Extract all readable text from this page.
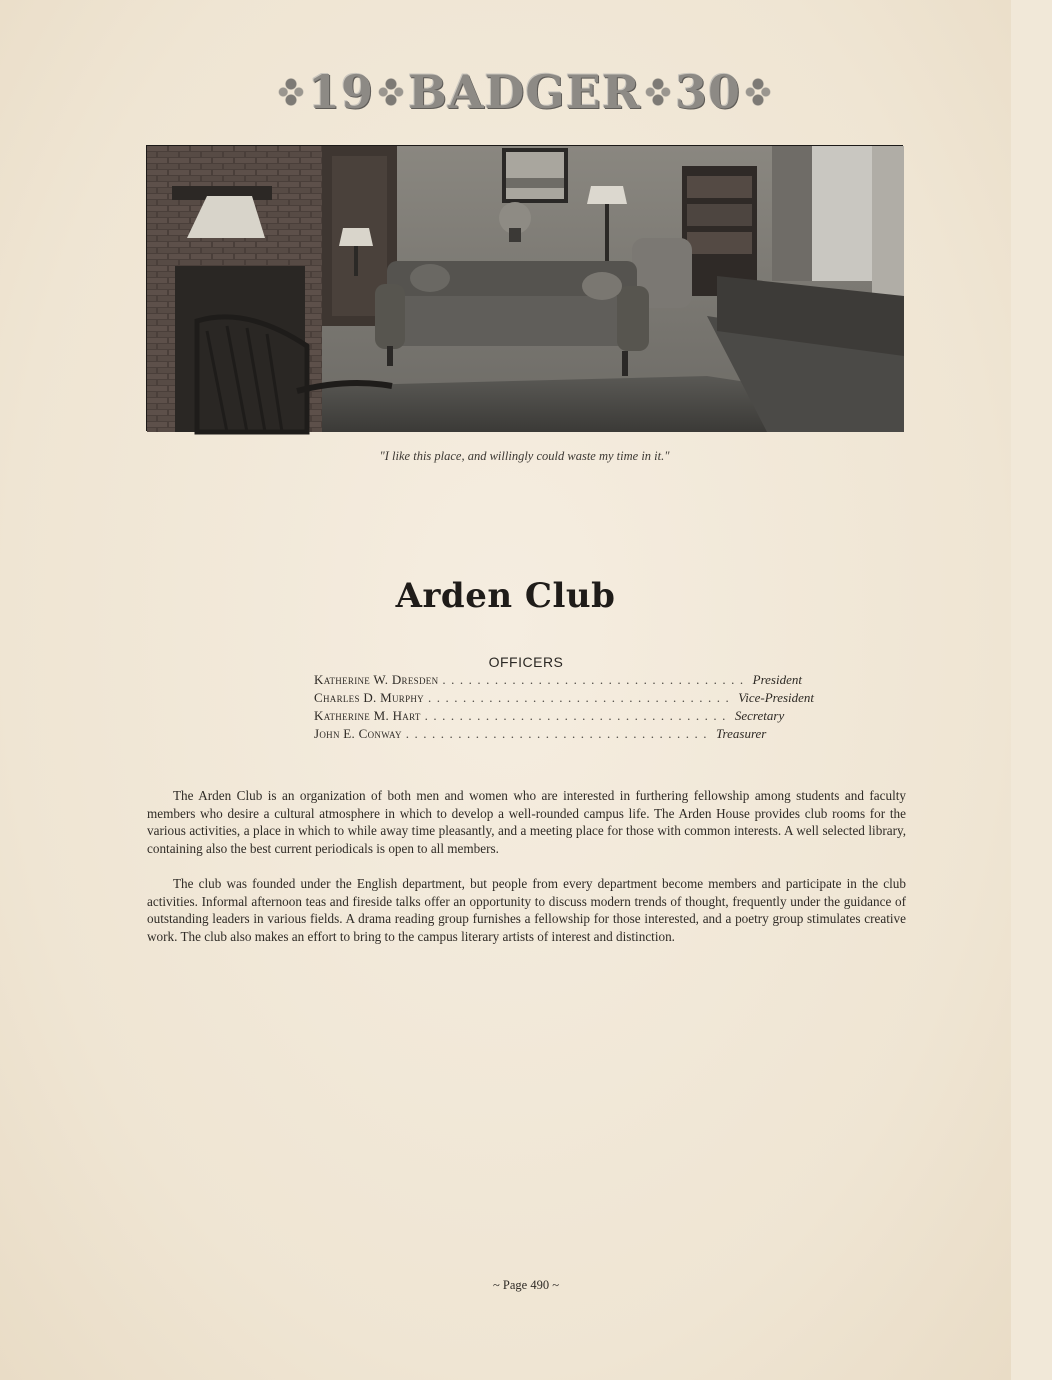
19 BADGER 30
"I like this place, and willingly could waste my time in it."
Arden Club
OFFICERS
Katherine W. Dresden ................................... President
Charles D. Murphy ................................... Vice-President
Katherine M. Hart ................................... Secretary
John E. Conway ................................... Treasurer

The Arden Club is an organization of both men and women who are interested in furthering fellowship among students and faculty members who desire a cultural atmosphere in which to develop a well-rounded campus life. The Arden House provides club rooms for the various activities, a place in which to while away time pleasantly, and a meeting place for those with common interests. A well selected library, containing also the best current periodicals is open to all members.

The club was founded under the English department, but people from every department become members and participate in the club activities. Informal afternoon teas and fireside talks offer an opportunity to discuss modern trends of thought, frequently under the guidance of outstanding leaders in various fields. A drama reading group furnishes a fellowship for those interested, and a poetry group stimulates creative work. The club also makes an effort to bring to the campus literary artists of interest and distinction.

~ Page 490 ~
